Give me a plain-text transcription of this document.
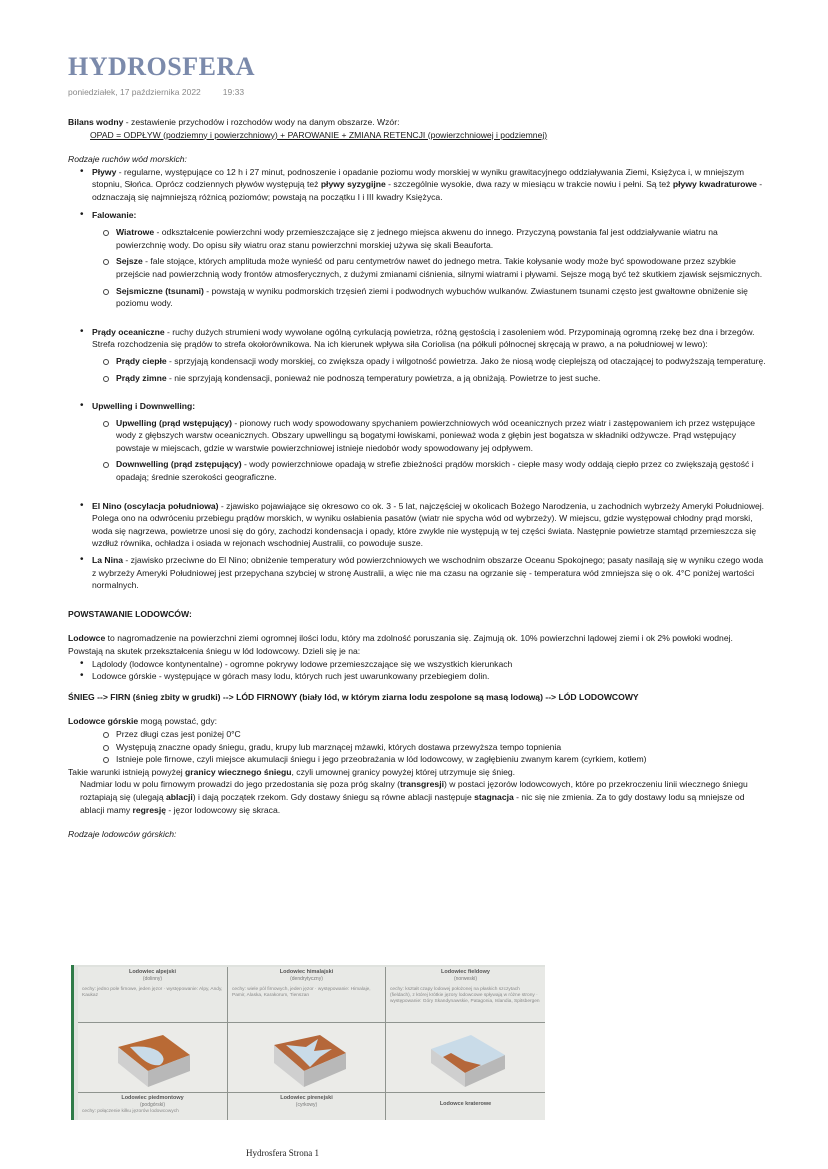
HYDROSFERA
poniedziałek, 17 października 2022	19:33

Bilans wodny - zestawienie przychodów i rozchodów wody na danym obszarze. Wzór:

OPAD = ODPŁYW (podziemny i powierzchniowy) + PAROWANIE + ZMIANA RETENCJI (powierzchniowej i podziemnej)

Rodzaje ruchów wód morskich:

• Pływy - regularne, występujące co 12 h i 27 minut, podnoszenie i opadanie poziomu wody morskiej w wyniku grawitacyjnego oddziaływania Ziemi, Księżyca i, w mniejszym stopniu, Słońca. Oprócz codziennych pływów występują też pływy syzygijne - szczególnie wysokie, dwa razy w miesiącu w trakcie nowiu i pełni. Są też pływy kwadraturowe - odznaczają się najmniejszą różnicą poziomów; powstają na początku I i III kwadry Księżyca.
• Falowanie:
Wiatrowe - odkształcenie powierzchni wody przemieszczające się z jednego miejsca akwenu do innego. Przyczyną powstania fal jest oddziaływanie wiatru na powierzchnię wody. Do opisu siły wiatru oraz stanu powierzchni morskiej używa się skali Beauforta.
Sejsze - fale stojące, których amplituda może wynieść od paru centymetrów nawet do jednego metra. Takie kołysanie wody może być spowodowane przez szybkie przejście nad powierzchnią wody frontów atmosferycznych, z dużymi zmianami ciśnienia, silnymi wiatrami i pływami. Sejsze mogą być też skutkiem zjawisk sejsmicznych.
Sejsmiczne (tsunami) - powstają w wyniku podmorskich trzęsień ziemi i podwodnych wybuchów wulkanów. Zwiastunem tsunami często jest gwałtowne obniżenie się poziomu wody.
• Prądy oceaniczne - ruchy dużych strumieni wody wywołane ogólną cyrkulacją powietrza, różną gęstością i zasoleniem wód. Przypominają ogromną rzekę bez dna i brzegów. Strefa rozchodzenia się prądów to strefa okołorównikowa. Na ich kierunek wpływa siła Coriolisa (na półkuli północnej skręcają w prawo, a na południowej w lewo):
Prądy ciepłe - sprzyjają kondensacji wody morskiej, co zwiększa opady i wilgotność powietrza. Jako że niosą wodę cieplejszą od otaczającej to podwyższają temperaturę.
Prądy zimne - nie sprzyjają kondensacji, ponieważ nie podnoszą temperatury powietrza, a ją obniżają. Powietrze to jest suche.
• Upwelling i Downwelling:
Upwelling (prąd wstępujący) - pionowy ruch wody spowodowany spychaniem powierzchniowych wód oceanicznych przez wiatr i zastępowaniem ich przez wstępujące wody z głębszych warstw oceanicznych. Obszary upwellingu są bogatymi łowiskami, ponieważ woda z głębin jest bogatsza w składniki odżywcze. Prąd wstępujący powstaje w miejscach, gdzie w warstwie powierzchniowej istnieje niedobór wody spowodowany jej odpływem.
Downwelling (prąd zstępujący) - wody powierzchniowe opadają w strefie zbieżności prądów morskich - ciepłe masy wody oddają ciepło przez co zwiększają gęstość i opadają; średnie szerokości geograficzne.
• El Nino (oscylacja południowa) - zjawisko pojawiające się okresowo co ok. 3 - 5 lat, najczęściej w okolicach Bożego Narodzenia, u zachodnich wybrzeży Ameryki Południowej. Polega ono na odwróceniu przebiegu prądów morskich, w wyniku osłabienia pasatów (wiatr nie spycha wód od wybrzeży). W miejscu, gdzie występował chłodny prąd morski, woda się nagrzewa, powietrze unosi się do góry, zachodzi kondensacja i opady, które zwykle nie występują w tej części świata. Następnie powietrze stamtąd przemieszcza się wzdłuż równika, ochładza i osiada w rejonach wschodniej Australii, co powoduje susze.
• La Nina - zjawisko przeciwne do El Nino; obniżenie temperatury wód powierzchniowych we wschodnim obszarze Oceanu Spokojnego; pasaty nasilają się w wyniku czego woda z wybrzeży Ameryki Południowej jest przepychana szybciej w stronę Australii, a więc nie ma czasu na ogrzanie się - temperatura wód zmniejsza się o ok. 4°C poniżej wartości normalnych.

POWSTAWANIE LODOWCÓW:

Lodowce to nagromadzenie na powierzchni ziemi ogromnej ilości lodu, który ma zdolność poruszania się. Zajmują ok. 10% powierzchni lądowej ziemi i ok 2% powłoki wodnej. Powstają na skutek przekształcenia śniegu w lód lodowcowy. Dzieli się je na:

• Lądolody (lodowce kontynentalne) - ogromne pokrywy lodowe przemieszczające się we wszystkich kierunkach
• Lodowce górskie - występujące w górach masy lodu, których ruch jest uwarunkowany przebiegiem dolin.

ŚNIEG --> FIRN (śnieg zbity w grudki) --> LÓD FIRNOWY (biały lód, w którym ziarna lodu zespolone są masą lodową) --> LÓD LODOWCOWY

Lodowce górskie mogą powstać, gdy:

Przez długi czas jest poniżej 0°C
Występują znaczne opady śniegu, gradu, krupy lub marznącej mżawki, których dostawa przewyższa tempo topnienia
Istnieje pole firnowe, czyli miejsce akumulacji śniegu i jego przeobrażania w lód lodowcowy, w zagłębieniu zwanym karem (cyrkiem, kotłem)

Takie warunki istnieją powyżej granicy wiecznego śniegu, czyli umownej granicy powyżej której utrzymuje się śnieg.

Nadmiar lodu w polu firnowym prowadzi do jego przedostania się poza próg skalny (transgresji) w postaci jęzorów lodowcowych, które po przekroczeniu linii wiecznego śniegu roztapiają się (ulegają ablacji) i dają początek rzekom. Gdy dostawy śniegu są równe ablacji następuje stagnacja - nic się nie zmienia. Za to gdy dostawy lodu są mniejsze od ablacji mamy regresję - jęzor lodowcowy się skraca.

Rodzaje lodowców górskich:

Lodowiec alpejski
(dolinny)
cechy: jedno pole firnowe, jeden jęzor · występowanie: Alpy, Andy, Kaukaz
Lodowiec himalajski
(dendrytyczny)
cechy: wiele pól firnowych, jeden jęzor · występowanie: Himalaje, Pamir, Alaska, Karakorum, Tienszan
Lodowiec fieldowy
(norweski)
cechy: kształt czapy lodowej położonej na płaskich szczytach (fieldach), z której krótkie jęzory lodowcowe spływają w różne strony · występowanie: Góry Skandynawskie, Patagonia, Islandia, Spitsbergen
Lodowiec piedmontowy
(podgórski)
cechy: połączenie kilku jęzorów lodowcowych
Lodowiec pirenejski
(cyrkowy)	Lodowce kraterowe
Hydrosfera Strona 1
